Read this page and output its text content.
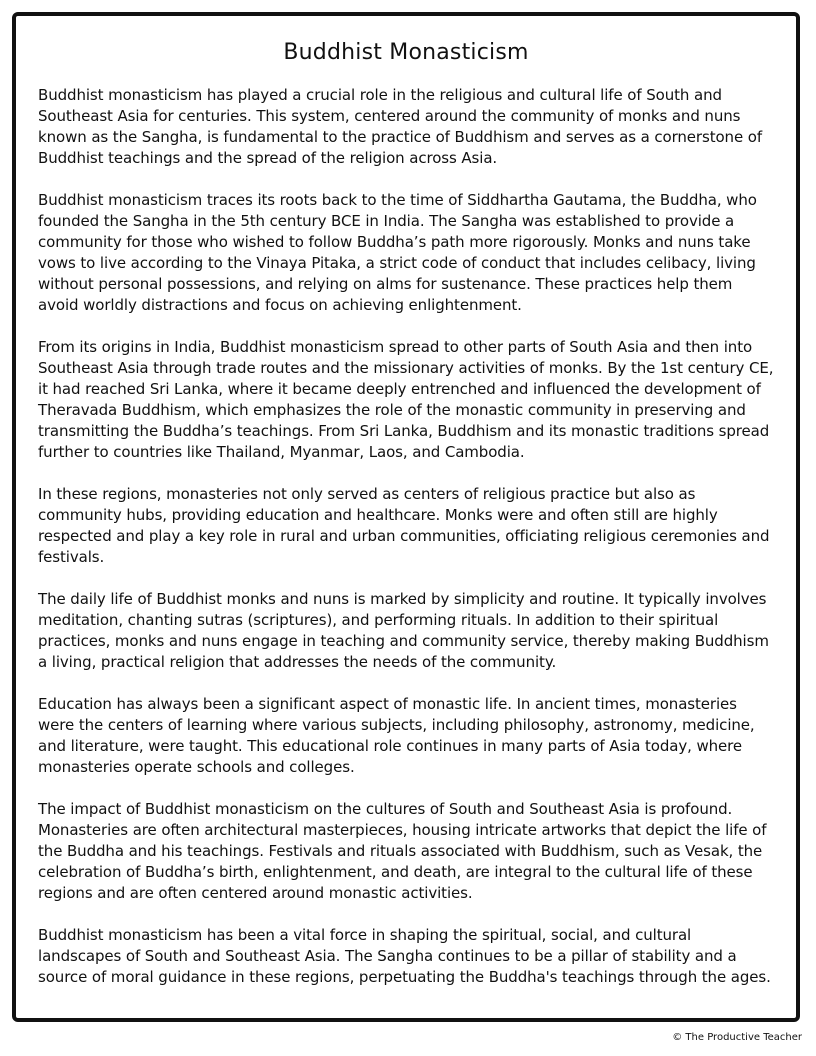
Buddhist Monasticism

Buddhist monasticism has played a crucial role in the religious and cultural life of South and Southeast Asia for centuries. This system, centered around the community of monks and nuns known as the Sangha, is fundamental to the practice of Buddhism and serves as a cornerstone of Buddhist teachings and the spread of the religion across Asia.

Buddhist monasticism traces its roots back to the time of Siddhartha Gautama, the Buddha, who founded the Sangha in the 5th century BCE in India. The Sangha was established to provide a community for those who wished to follow Buddha’s path more rigorously. Monks and nuns take vows to live according to the Vinaya Pitaka, a strict code of conduct that includes celibacy, living without personal possessions, and relying on alms for sustenance. These practices help them avoid worldly distractions and focus on achieving enlightenment.

From its origins in India, Buddhist monasticism spread to other parts of South Asia and then into Southeast Asia through trade routes and the missionary activities of monks. By the 1st century CE, it had reached Sri Lanka, where it became deeply entrenched and influenced the development of Theravada Buddhism, which emphasizes the role of the monastic community in preserving and transmitting the Buddha’s teachings. From Sri Lanka, Buddhism and its monastic traditions spread further to countries like Thailand, Myanmar, Laos, and Cambodia.

In these regions, monasteries not only served as centers of religious practice but also as community hubs, providing education and healthcare. Monks were and often still are highly respected and play a key role in rural and urban communities, officiating religious ceremonies and festivals.

The daily life of Buddhist monks and nuns is marked by simplicity and routine. It typically involves meditation, chanting sutras (scriptures), and performing rituals. In addition to their spiritual practices, monks and nuns engage in teaching and community service, thereby making Buddhism a living, practical religion that addresses the needs of the community.

Education has always been a significant aspect of monastic life. In ancient times, monasteries were the centers of learning where various subjects, including philosophy, astronomy, medicine, and literature, were taught. This educational role continues in many parts of Asia today, where monasteries operate schools and colleges.

The impact of Buddhist monasticism on the cultures of South and Southeast Asia is profound. Monasteries are often architectural masterpieces, housing intricate artworks that depict the life of the Buddha and his teachings. Festivals and rituals associated with Buddhism, such as Vesak, the celebration of Buddha’s birth, enlightenment, and death, are integral to the cultural life of these regions and are often centered around monastic activities.

Buddhist monasticism has been a vital force in shaping the spiritual, social, and cultural landscapes of South and Southeast Asia. The Sangha continues to be a pillar of stability and a source of moral guidance in these regions, perpetuating the Buddha's teachings through the ages.

© The Productive Teacher
